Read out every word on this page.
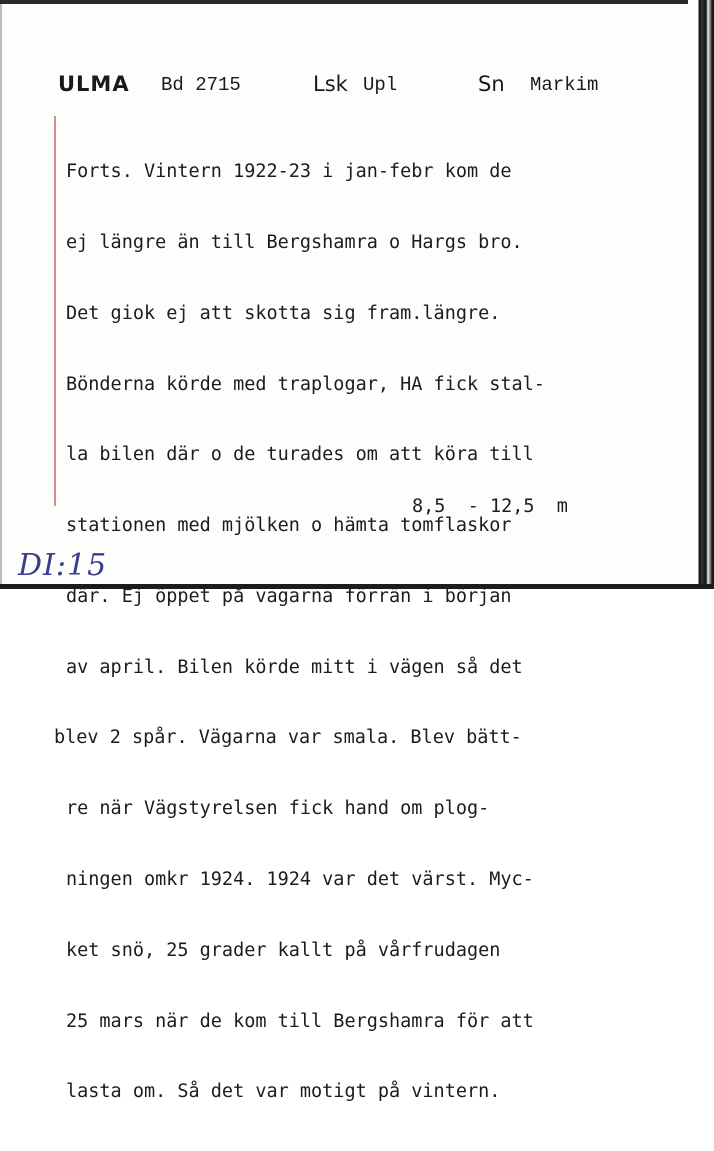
ULMA Bd 2715	Lsk Upl	Sn Markim

Forts. Vintern 1922-23 i jan-febr kom de

ej längre än till Bergshamra o Hargs bro.

Det giok ej att skotta sig fram.längre.

Bönderna körde med traplogar, HA fick stal-

la bilen där o de turades om att köra till

stationen med mjölken o hämta tomflaskor

där. Ej öppet på vagarna förrän i början

av april. Bilen körde mitt i vägen så det

blev 2 spår. Vägarna var smala. Blev bätt-

re när Vägstyrelsen fick hand om plog-

ningen omkr 1924. 1924 var det värst. Myc-

ket snö, 25 grader kallt på vårfrudagen

25 mars när de kom till Bergshamra för att

lasta om. Så det var motigt på vintern.

8,5  - 12,5  m
DI:15
